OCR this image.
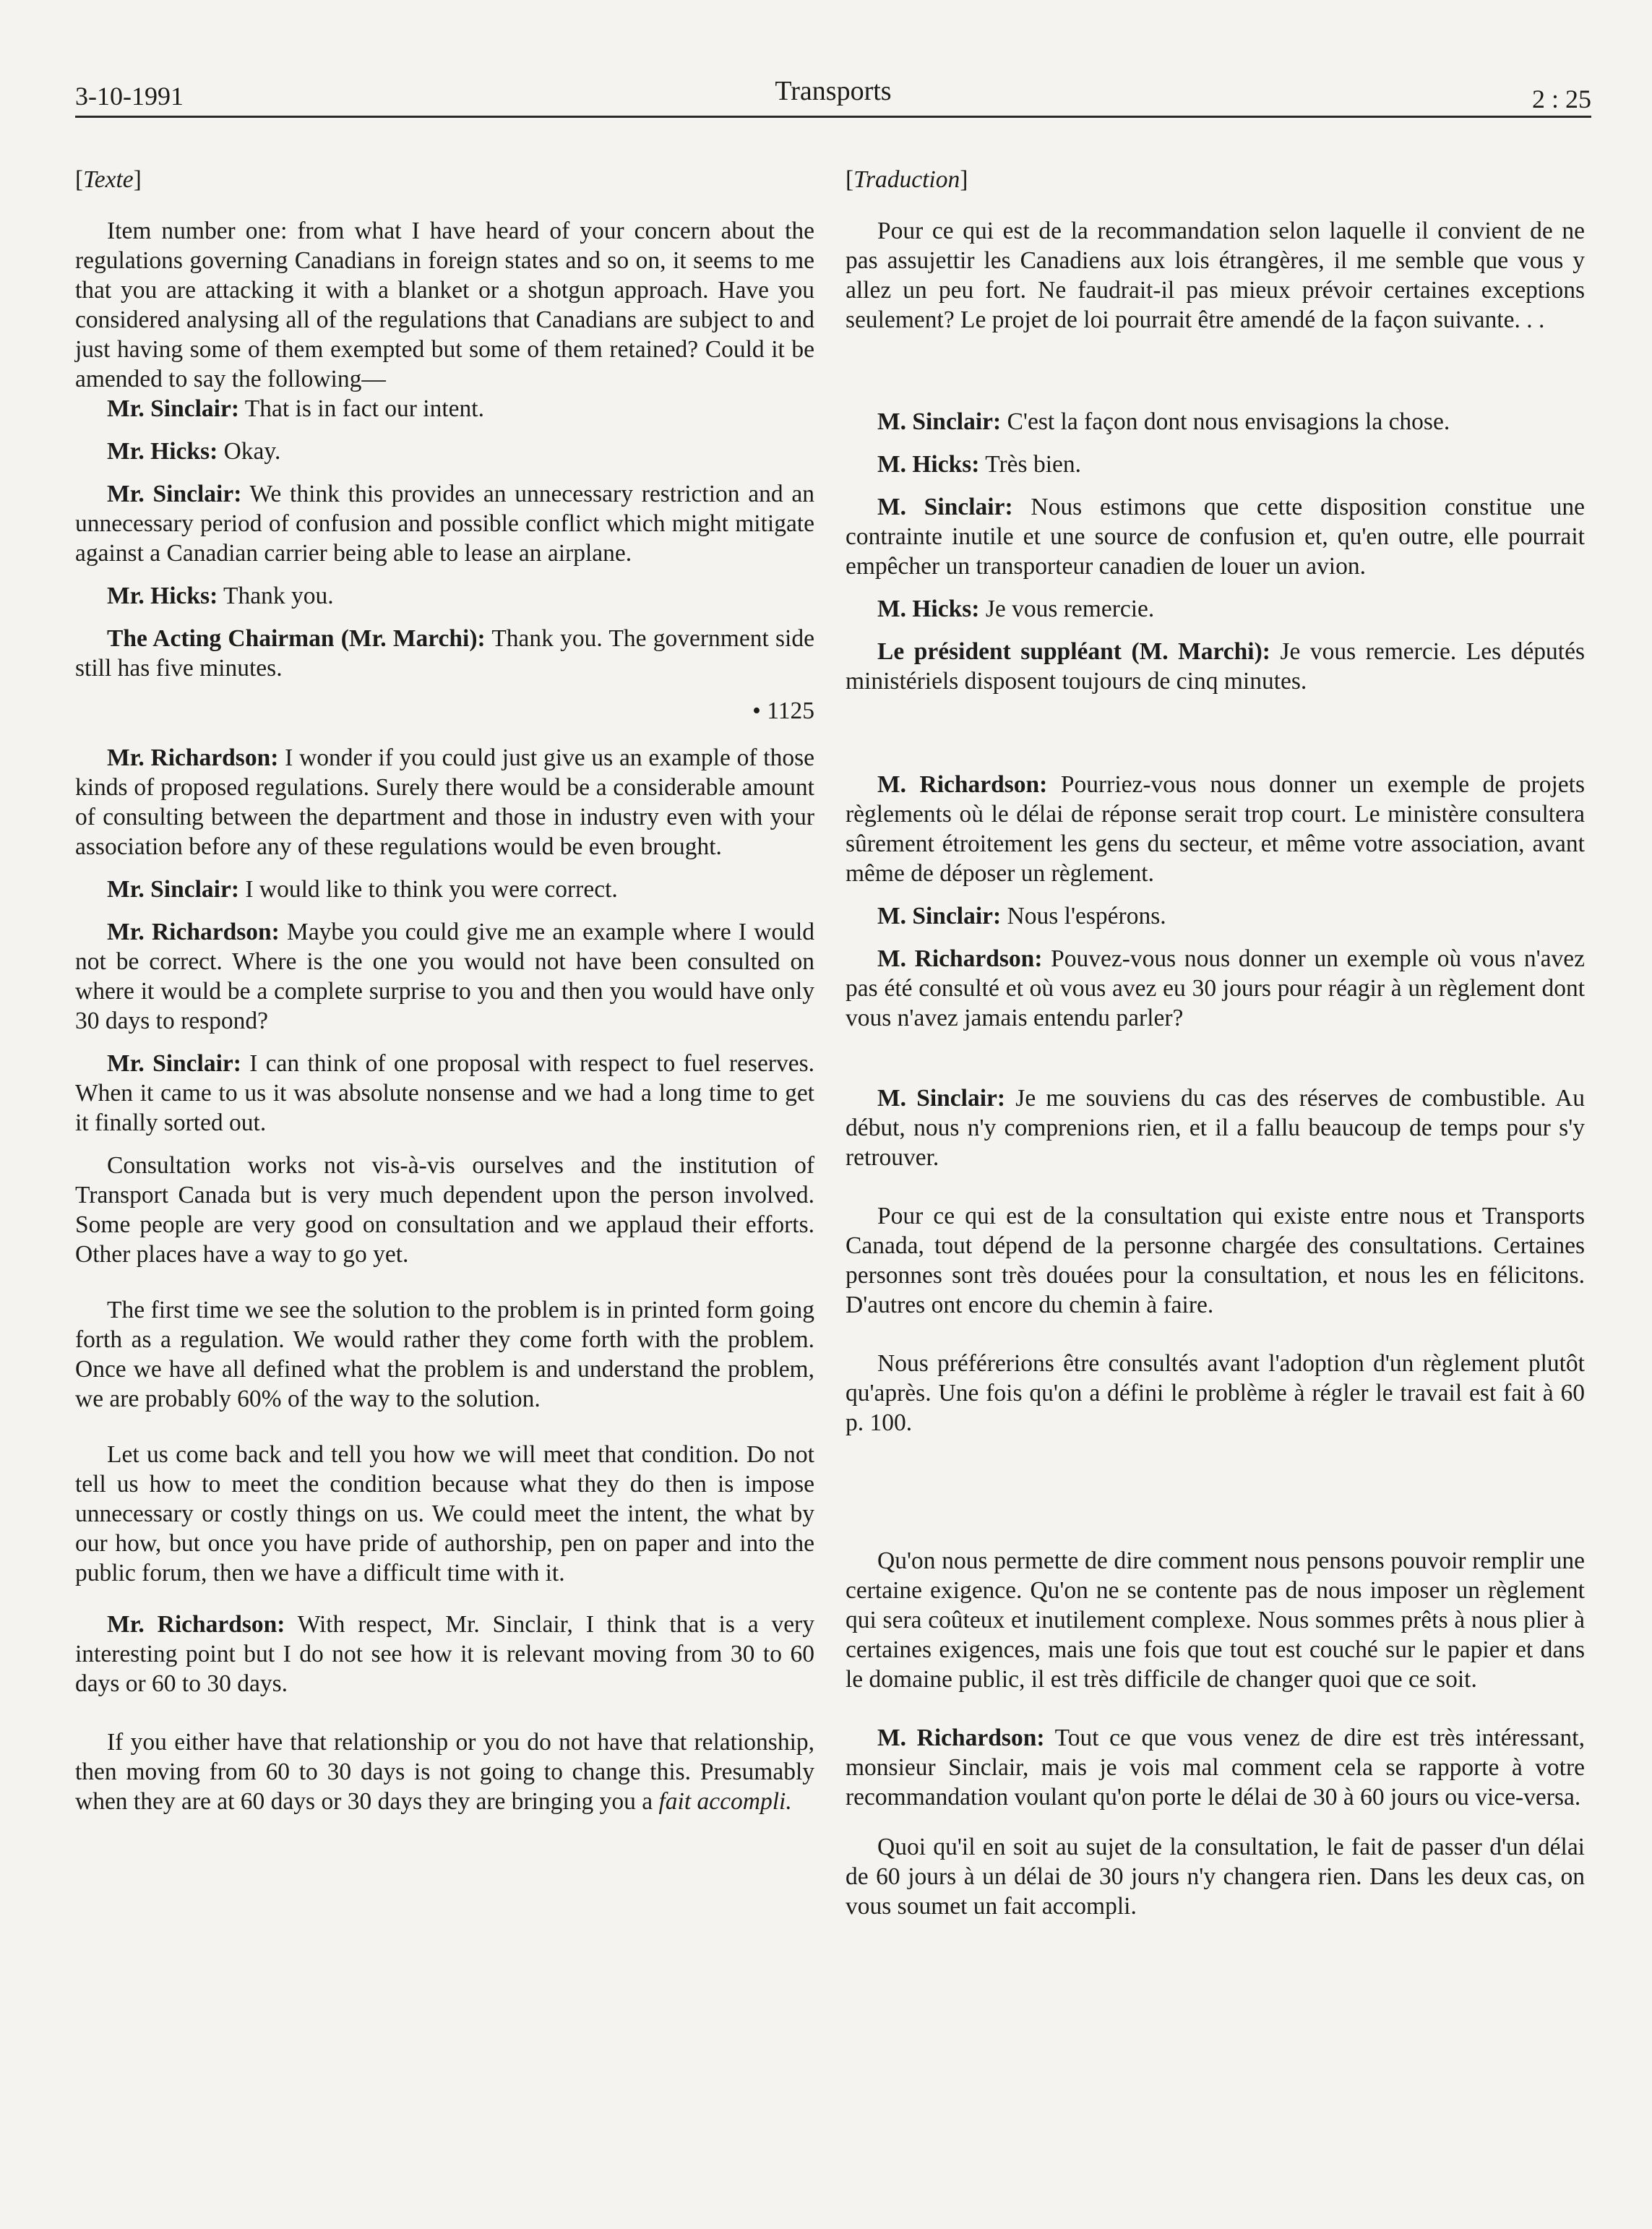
3-10-1991	Transports	2 : 25

[Texte]

Item number one: from what I have heard of your concern about the regulations governing Canadians in foreign states and so on, it seems to me that you are attacking it with a blanket or a shotgun approach. Have you considered analysing all of the regulations that Canadians are subject to and just having some of them exempted but some of them retained? Could it be amended to say the following—

Mr. Sinclair: That is in fact our intent.

Mr. Hicks: Okay.

Mr. Sinclair: We think this provides an unnecessary restriction and an unnecessary period of confusion and possible conflict which might mitigate against a Canadian carrier being able to lease an airplane.

Mr. Hicks: Thank you.

The Acting Chairman (Mr. Marchi): Thank you. The government side still has five minutes.

• 1125

Mr. Richardson: I wonder if you could just give us an example of those kinds of proposed regulations. Surely there would be a considerable amount of consulting between the department and those in industry even with your association before any of these regulations would be even brought.

Mr. Sinclair: I would like to think you were correct.

Mr. Richardson: Maybe you could give me an example where I would not be correct. Where is the one you would not have been consulted on where it would be a complete surprise to you and then you would have only 30 days to respond?

Mr. Sinclair: I can think of one proposal with respect to fuel reserves. When it came to us it was absolute nonsense and we had a long time to get it finally sorted out.

Consultation works not vis-à-vis ourselves and the institution of Transport Canada but is very much dependent upon the person involved. Some people are very good on consultation and we applaud their efforts. Other places have a way to go yet.

The first time we see the solution to the problem is in printed form going forth as a regulation. We would rather they come forth with the problem. Once we have all defined what the problem is and understand the problem, we are probably 60% of the way to the solution.

Let us come back and tell you how we will meet that condition. Do not tell us how to meet the condition because what they do then is impose unnecessary or costly things on us. We could meet the intent, the what by our how, but once you have pride of authorship, pen on paper and into the public forum, then we have a difficult time with it.

Mr. Richardson: With respect, Mr. Sinclair, I think that is a very interesting point but I do not see how it is relevant moving from 30 to 60 days or 60 to 30 days.

If you either have that relationship or you do not have that relationship, then moving from 60 to 30 days is not going to change this. Presumably when they are at 60 days or 30 days they are bringing you a fait accompli.

[Traduction]

Pour ce qui est de la recommandation selon laquelle il convient de ne pas assujettir les Canadiens aux lois étrangères, il me semble que vous y allez un peu fort. Ne faudrait-il pas mieux prévoir certaines exceptions seulement? Le projet de loi pourrait être amendé de la façon suivante. . .

M. Sinclair: C'est la façon dont nous envisagions la chose.

M. Hicks: Très bien.

M. Sinclair: Nous estimons que cette disposition constitue une contrainte inutile et une source de confusion et, qu'en outre, elle pourrait empêcher un transporteur canadien de louer un avion.

M. Hicks: Je vous remercie.

Le président suppléant (M. Marchi): Je vous remercie. Les députés ministériels disposent toujours de cinq minutes.

M. Richardson: Pourriez-vous nous donner un exemple de projets règlements où le délai de réponse serait trop court. Le ministère consultera sûrement étroitement les gens du secteur, et même votre association, avant même de déposer un règlement.

M. Sinclair: Nous l'espérons.

M. Richardson: Pouvez-vous nous donner un exemple où vous n'avez pas été consulté et où vous avez eu 30 jours pour réagir à un règlement dont vous n'avez jamais entendu parler?

M. Sinclair: Je me souviens du cas des réserves de combustible. Au début, nous n'y comprenions rien, et il a fallu beaucoup de temps pour s'y retrouver.

Pour ce qui est de la consultation qui existe entre nous et Transports Canada, tout dépend de la personne chargée des consultations. Certaines personnes sont très douées pour la consultation, et nous les en félicitons. D'autres ont encore du chemin à faire.

Nous préférerions être consultés avant l'adoption d'un règlement plutôt qu'après. Une fois qu'on a défini le problème à régler le travail est fait à 60 p. 100.

Qu'on nous permette de dire comment nous pensons pouvoir remplir une certaine exigence. Qu'on ne se contente pas de nous imposer un règlement qui sera coûteux et inutilement complexe. Nous sommes prêts à nous plier à certaines exigences, mais une fois que tout est couché sur le papier et dans le domaine public, il est très difficile de changer quoi que ce soit.

M. Richardson: Tout ce que vous venez de dire est très intéressant, monsieur Sinclair, mais je vois mal comment cela se rapporte à votre recommandation voulant qu'on porte le délai de 30 à 60 jours ou vice-versa.

Quoi qu'il en soit au sujet de la consultation, le fait de passer d'un délai de 60 jours à un délai de 30 jours n'y changera rien. Dans les deux cas, on vous soumet un fait accompli.
